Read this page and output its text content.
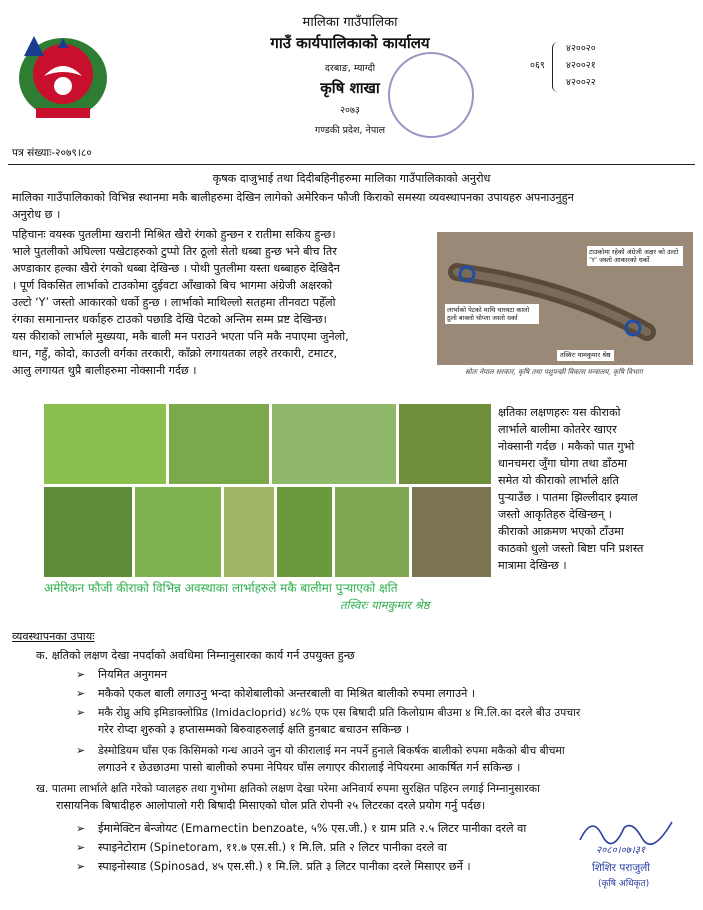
मालिका गाउँपालिका
गाउँ कार्यपालिकाको कार्यालय
दरबाङ, म्याग्दी
कृषि शाखा
२०७३
गण्डकी प्रदेश, नेपाल
०६९
४२००२०
४२००२१
४२००२२
पत्र संख्याः-२०७९।८०
कृषक दाजुभाई तथा दिदीबहिनीहरुमा मालिका गाउँपालिकाको अनुरोध
मालिका गाउँपालिकाको विभिन्न स्थानमा मकै बालीहरुमा देखिन लागेको अमेरिकन फौजी किराको समस्या व्यवस्थापनका उपायहरु अपनाउनुहुन
अनुरोध छ ।
पहिचानः वयस्क पुतलीमा खरानी मिश्रित खैरो रंगको हुन्छन र रातीमा सकिय हुन्छ।
भाले पुतलीको अघिल्ला पखेटाहरुको टुप्पो तिर ठूलो सेतो धब्बा हुन्छ भने बीच तिर
अण्डाकार हल्का खैरो रंगको धब्बा देखिन्छ । पोथी पुतलीमा यस्ता धब्बाहरु देखिदैन
। पूर्ण विकसित लार्भाको टाउकोमा दुईवटा आँखाको बिच भागमा अंग्रेजी अक्षरको
उल्टो ‘Y’ जस्तो आकारको धर्को हुन्छ । लार्भाको माथिल्लो सतहमा तीनवटा पहेँलो
रंगका समानान्तर धर्काहरु टाउको पछाडि देखि पेटको अन्तिम सम्म प्रष्ट देखिन्छ।
यस कीराको लार्भाले मुख्यया, मकै बाली मन पराउने भएता पनि मकै नपाएमा जुनेलो,
धान, गहुँ, कोदो, काउली वर्गका तरकारी, काँक्रो लगायतका लहरे तरकारी, टमाटर,
आलु लगायत थुप्रै बालीहरुमा नोक्सानी गर्दछ ।
टाउकोमा रहेको अंग्रेजी अक्षर को उल्टो ‘Y’ जस्तो आकारको धर्को
लार्भाको पेटको माथि चारवटा कालो ठुलो बाक्लो थोप्ला जस्तो धर्का
तस्विरः यामकुमार श्रेष्ठ
स्रोतः नेपाल सरकार, कृषि तथा पशुपन्छी विकास मन्त्रालय, कृषि विभाग
अमेरिकन फौजी कीराको विभिन्न अवस्थाका लार्भाहरुले मकै बालीमा पुर्‍याएको क्षति
तस्विरः यामकुमार श्रेष्ठ
क्षतिका लक्षणहरुः यस कीराको
लार्भाले बालीमा कोतरेर खाएर
नोक्सानी गर्दछ । मकैको पात गुभो
धानचमरा जुँगा घोगा तथा डाँठमा
समेत यो कीराको लार्भाले क्षति
पुर्‍याउँछ । पातमा झिल्लीदार झ्याल
जस्तो आकृतिहरु देखिन्छन् ।
कीराको आक्रमण भएको टाँउमा
काठको धुलो जस्तो बिष्टा पनि प्रशस्त
मात्रामा देखिन्छ ।
व्यवस्थापनका उपायः
क. क्षतिको लक्षण देखा नपर्दाको अवधिमा निम्नानुसारका कार्य गर्न उपयुक्त हुन्छ
➢ नियमित अनुगमन
➢ मकैको एकल बाली लगाउनु भन्दा कोशेबालीको अन्तरबाली वा मिश्रित बालीको रुपमा लगाउने ।
➢ मकै रोप्नु अघि इमिडाक्लोप्रिड (Imidacloprid) ४८% एफ एस बिषादी प्रति किलोग्राम बीउमा ४ मि.लि.का दरले बीउ उपचार
गरेर रोप्दा शुरुको ३ हप्तासम्मको बिरुवाहरुलाई क्षति हुनबाट बचाउन सकिन्छ ।
➢ डेस्मोडियम घाँस एक किसिमको गन्ध आउने जुन यो कीरालाई मन नपर्ने हुनाले बिकर्षक बालीको रुपमा मकैको बीच बीचमा
लगाउने र छेउछाउमा पासो बालीको रुपमा नेपियर घाँस लगाएर कीरालाई नेपियरमा आकर्षित गर्न सकिन्छ ।
ख. पातमा लार्भाले क्षति गरेको प्वालहरु तथा गुभोमा क्षतिको लक्षण देखा परेमा अनिवार्य रुपमा सुरक्षित पहिरन लगाई निम्नानुसारका
रासायनिक बिषादीहरु आलोपालो गरी बिषादी मिसाएको घोल प्रति रोपनी २५ लिटरका दरले प्रयोग गर्नु पर्दछ।
➢ ईमामेक्टिन बेन्जोयट (Emamectin benzoate, ५% एस.जी.) १ ग्राम प्रति २.५ लिटर पानीका दरले वा
➢ स्पाइनेटोराम (Spinetoram, ११.७ एस.सी.) १ मि.लि. प्रति २ लिटर पानीका दरले वा
➢ स्पाइनोस्याड (Spinosad, ४५ एस.सी.) १ मि.लि. प्रति ३ लिटर पानीका दरले मिसाएर छर्ने ।
२०८०।०७।३१
शिशिर पराजुली
(कृषि अधिकृत)
